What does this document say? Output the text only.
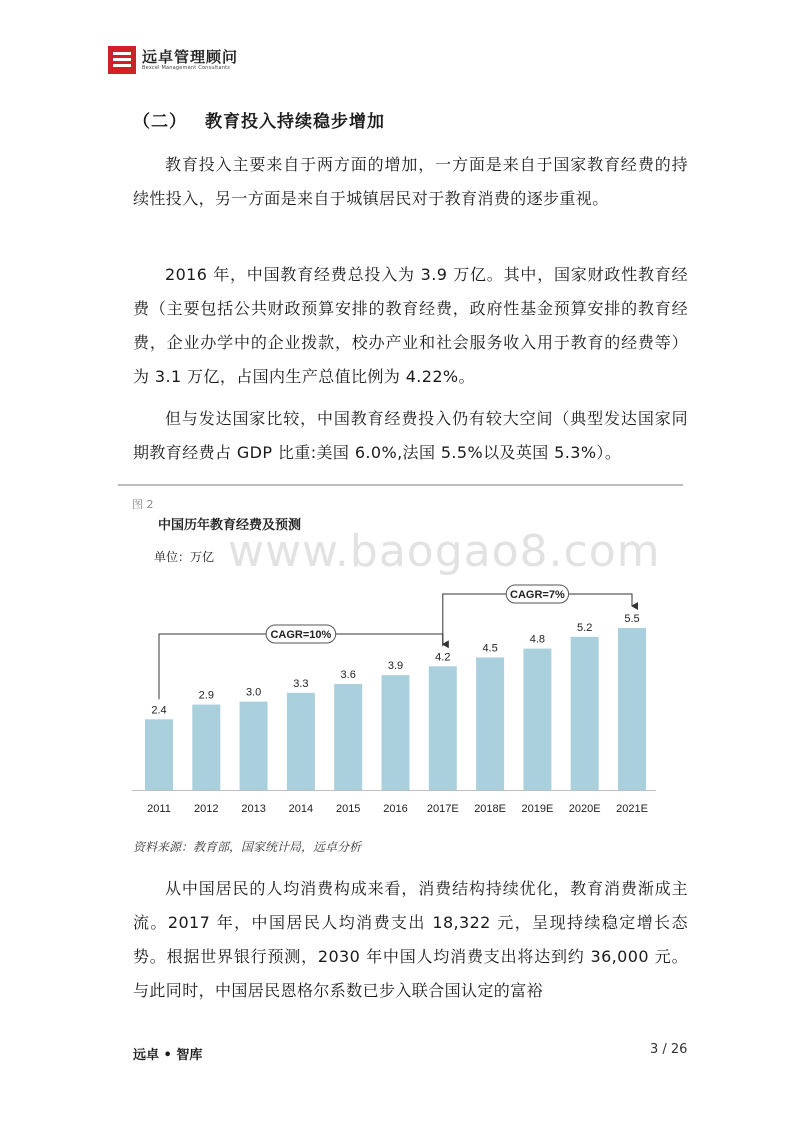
远卓管理顾问
Bexcel Management Consultants
（二） 教育投入持续稳步增加

教育投入主要来自于两方面的增加，一方面是来自于国家教育经费的持续性投入，另一方面是来自于城镇居民对于教育消费的逐步重视。

2016 年，中国教育经费总投入为 3.9 万亿。其中，国家财政性教育经费（主要包括公共财政预算安排的教育经费，政府性基金预算安排的教育经费，企业办学中的企业拨款，校办产业和社会服务收入用于教育的经费等）为 3.1 万亿，占国内生产总值比例为 4.22%。

但与发达国家比较，中国教育经费投入仍有较大空间（典型发达国家同期教育经费占 GDP 比重:美国 6.0%,法国 5.5%以及英国 5.3%）。

图 2
www.baogao8.com
中国历年教育经费及预测
单位：万亿
2.4
2011
2.9
2012
3.0
2013
3.3
2014
3.6
2015
3.9
2016
4.2
2017E
4.5
2018E
4.8
2019E
5.2
2020E
5.5
2021E
CAGR=10%
CAGR=7%
资料来源：教育部，国家统计局，远卓分析

从中国居民的人均消费构成来看，消费结构持续优化，教育消费渐成主流。2017 年，中国居民人均消费支出 18,322 元，呈现持续稳定增长态势。根据世界银行预测，2030 年中国人均消费支出将达到约 36,000 元。与此同时，中国居民恩格尔系数已步入联合国认定的富裕

远卓 • 智库	3 / 26
